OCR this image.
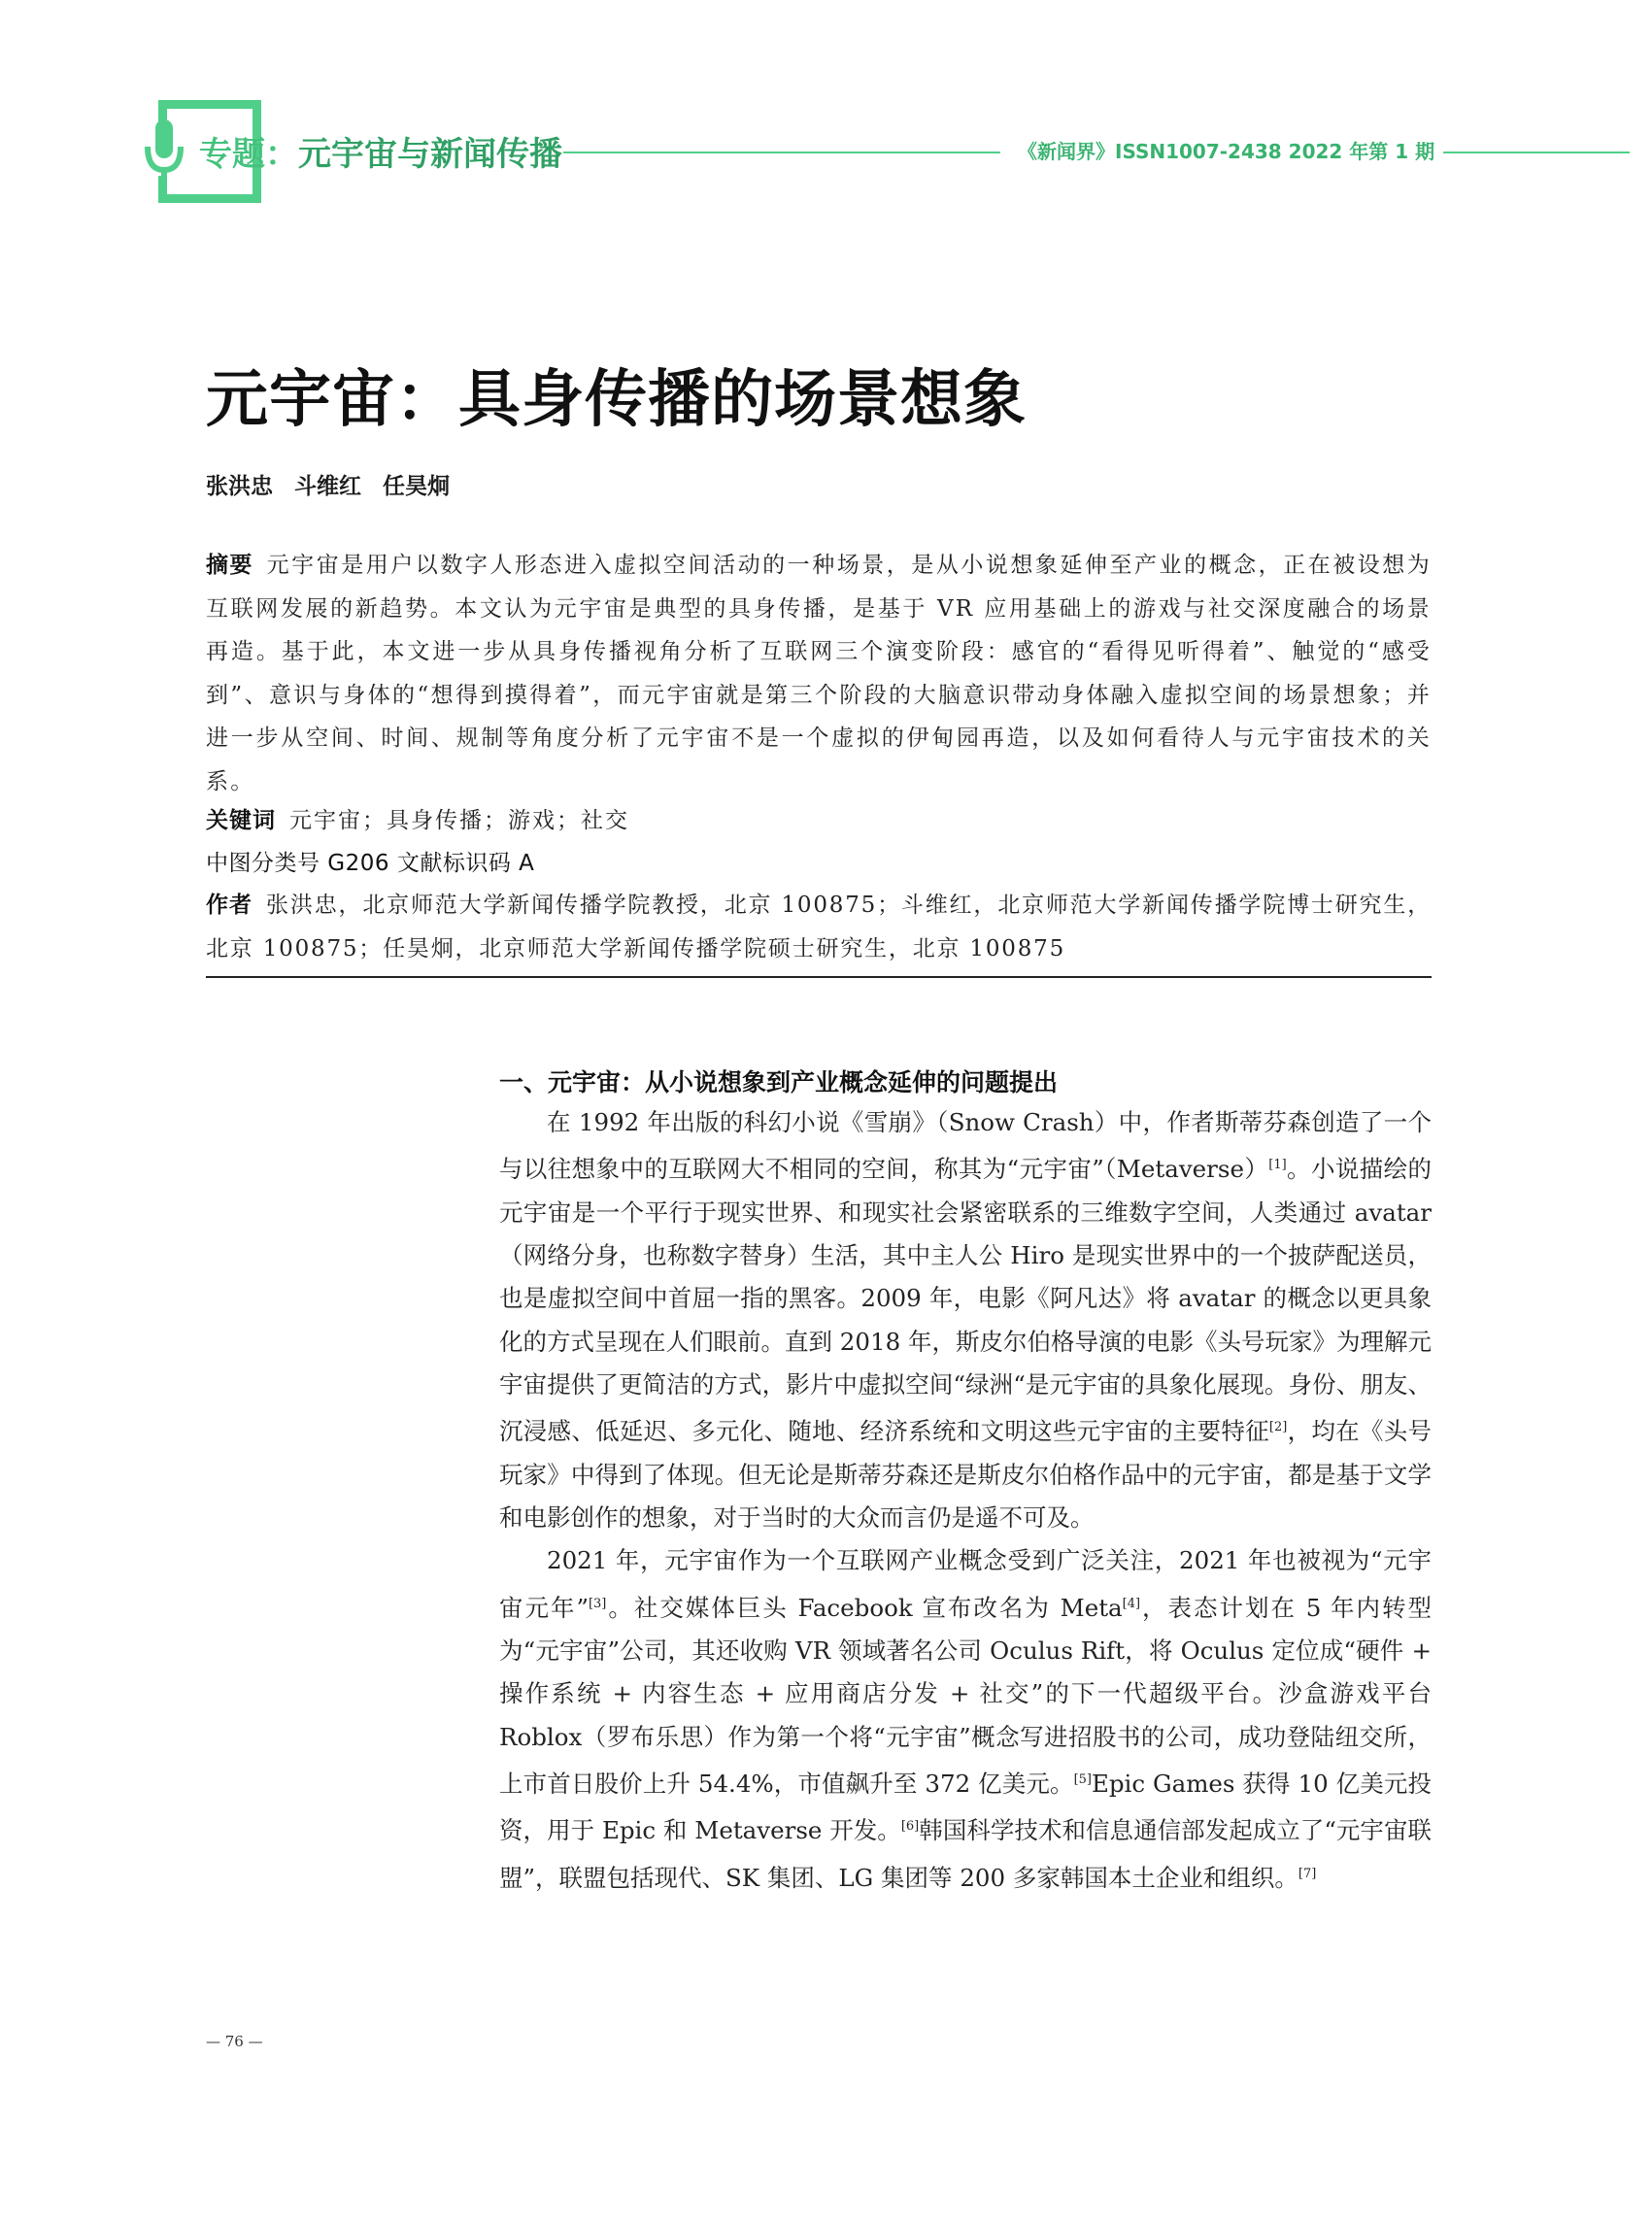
专题：元宇宙与新闻传播	《新闻界》ISSN1007-2438 2022 年第 1 期
元宇宙：具身传播的场景想象
张洪忠 斗维红 任昊炯
摘要 元宇宙是用户以数字人形态进入虚拟空间活动的一种场景，是从小说想象延伸至产业的概念，正在被设想为互联网发展的新趋势。本文认为元宇宙是典型的具身传播，是基于 VR 应用基础上的游戏与社交深度融合的场景再造。基于此，本文进一步从具身传播视角分析了互联网三个演变阶段：感官的“看得见听得着”、触觉的“感受到”、意识与身体的“想得到摸得着”，而元宇宙就是第三个阶段的大脑意识带动身体融入虚拟空间的场景想象；并进一步从空间、时间、规制等角度分析了元宇宙不是一个虚拟的伊甸园再造，以及如何看待人与元宇宙技术的关系。
关键词 元宇宙；具身传播；游戏；社交
中图分类号 G206 文献标识码 A
作者 张洪忠，北京师范大学新闻传播学院教授，北京 100875；斗维红，北京师范大学新闻传播学院博士研究生，北京 100875；任昊炯，北京师范大学新闻传播学院硕士研究生，北京 100875
一、元宇宙：从小说想象到产业概念延伸的问题提出

在 1992 年出版的科幻小说《雪崩》（Snow Crash）中，作者斯蒂芬森创造了一个与以往想象中的互联网大不相同的空间，称其为“元宇宙”（Metaverse）[1]。小说描绘的元宇宙是一个平行于现实世界、和现实社会紧密联系的三维数字空间，人类通过 avatar（网络分身，也称数字替身）生活，其中主人公 Hiro 是现实世界中的一个披萨配送员，也是虚拟空间中首屈一指的黑客。2009 年，电影《阿凡达》将 avatar 的概念以更具象化的方式呈现在人们眼前。直到 2018 年，斯皮尔伯格导演的电影《头号玩家》为理解元宇宙提供了更简洁的方式，影片中虚拟空间“绿洲“是元宇宙的具象化展现。身份、朋友、沉浸感、低延迟、多元化、随地、经济系统和文明这些元宇宙的主要特征[2]，均在《头号玩家》中得到了体现。但无论是斯蒂芬森还是斯皮尔伯格作品中的元宇宙，都是基于文学和电影创作的想象，对于当时的大众而言仍是遥不可及。

2021 年，元宇宙作为一个互联网产业概念受到广泛关注，2021 年也被视为“元宇宙元年”[3]。社交媒体巨头 Facebook 宣布改名为 Meta[4]，表态计划在 5 年内转型为“元宇宙”公司，其还收购 VR 领域著名公司 Oculus Rift，将 Oculus 定位成“硬件 + 操作系统 + 内容生态 + 应用商店分发 + 社交”的下一代超级平台。沙盒游戏平台 Roblox（罗布乐思）作为第一个将“元宇宙”概念写进招股书的公司，成功登陆纽交所，上市首日股价上升 54.4%，市值飙升至 372 亿美元。[5]Epic Games 获得 10 亿美元投资，用于 Epic 和 Metaverse 开发。[6]韩国科学技术和信息通信部发起成立了“元宇宙联盟”，联盟包括现代、SK 集团、LG 集团等 200 多家韩国本土企业和组织。[7]

— 76 —
